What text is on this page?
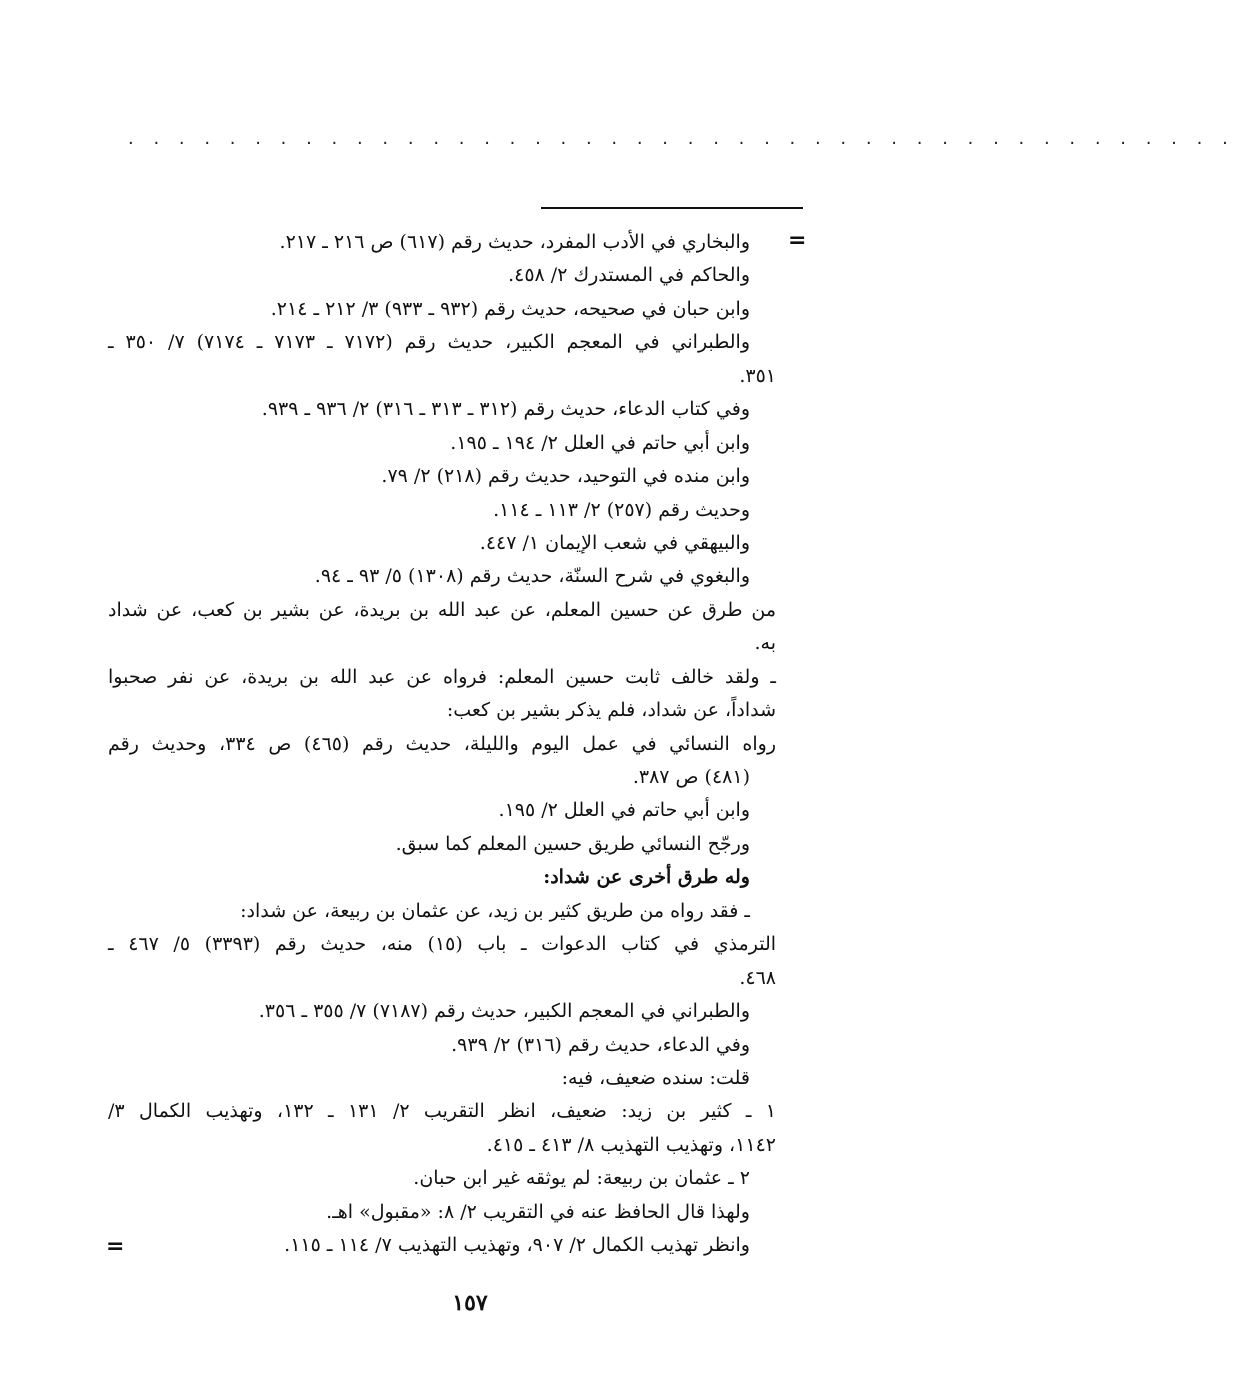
. . . . . . . . . . . . . . . . . . . . . . . . . . . . . . . . . . . . . . . . . . . .
=
والبخاري في الأدب المفرد، حديث رقم (٦١٧) ص ٢١٦ ـ ٢١٧.
والحاكم في المستدرك ٢/ ٤٥٨.
وابن حبان في صحيحه، حديث رقم (٩٣٢ ـ ٩٣٣) ٣/ ٢١٢ ـ ٢١٤.
والطبراني في المعجم الكبير، حديث رقم (٧١٧٢ ـ ٧١٧٣ ـ ٧١٧٤) ٧/ ٣٥٠ ـ
٣٥١.
وفي كتاب الدعاء، حديث رقم (٣١٢ ـ ٣١٣ ـ ٣١٦) ٢/ ٩٣٦ ـ ٩٣٩.
وابن أبي حاتم في العلل ٢/ ١٩٤ ـ ١٩٥.
وابن منده في التوحيد، حديث رقم (٢١٨) ٢/ ٧٩.
وحديث رقم (٢٥٧) ٢/ ١١٣ ـ ١١٤.
والبيهقي في شعب الإيمان ١/ ٤٤٧.
والبغوي في شرح السنّة، حديث رقم (١٣٠٨) ٥/ ٩٣ ـ ٩٤.
من طرق عن حسين المعلم، عن عبد الله بن بريدة، عن بشير بن كعب، عن شداد
به.
ـ ولقد خالف ثابت حسين المعلم: فرواه عن عبد الله بن بريدة، عن نفر صحبوا
شداداً، عن شداد، فلم يذكر بشير بن كعب:
رواه النسائي في عمل اليوم والليلة، حديث رقم (٤٦٥) ص ٣٣٤، وحديث رقم
(٤٨١) ص ٣٨٧.
وابن أبي حاتم في العلل ٢/ ١٩٥.
ورجّح النسائي طريق حسين المعلم كما سبق.
وله طرق أخرى عن شداد:
ـ فقد رواه من طريق كثير بن زيد، عن عثمان بن ربيعة، عن شداد:
الترمذي في كتاب الدعوات ـ باب (١٥) منه، حديث رقم (٣٣٩٣) ٥/ ٤٦٧ ـ
٤٦٨.
والطبراني في المعجم الكبير، حديث رقم (٧١٨٧) ٧/ ٣٥٥ ـ ٣٥٦.
وفي الدعاء، حديث رقم (٣١٦) ٢/ ٩٣٩.
قلت: سنده ضعيف، فيه:
١ ـ كثير بن زيد: ضعيف، انظر التقريب ٢/ ١٣١ ـ ١٣٢، وتهذيب الكمال ٣/
١١٤٢، وتهذيب التهذيب ٨/ ٤١٣ ـ ٤١٥.
٢ ـ عثمان بن ربيعة: لم يوثقه غير ابن حبان.
ولهذا قال الحافظ عنه في التقريب ٢/ ٨: «مقبول» اهـ.
وانظر تهذيب الكمال ٢/ ٩٠٧، وتهذيب التهذيب ٧/ ١١٤ ـ ١١٥.
=
١٥٧
